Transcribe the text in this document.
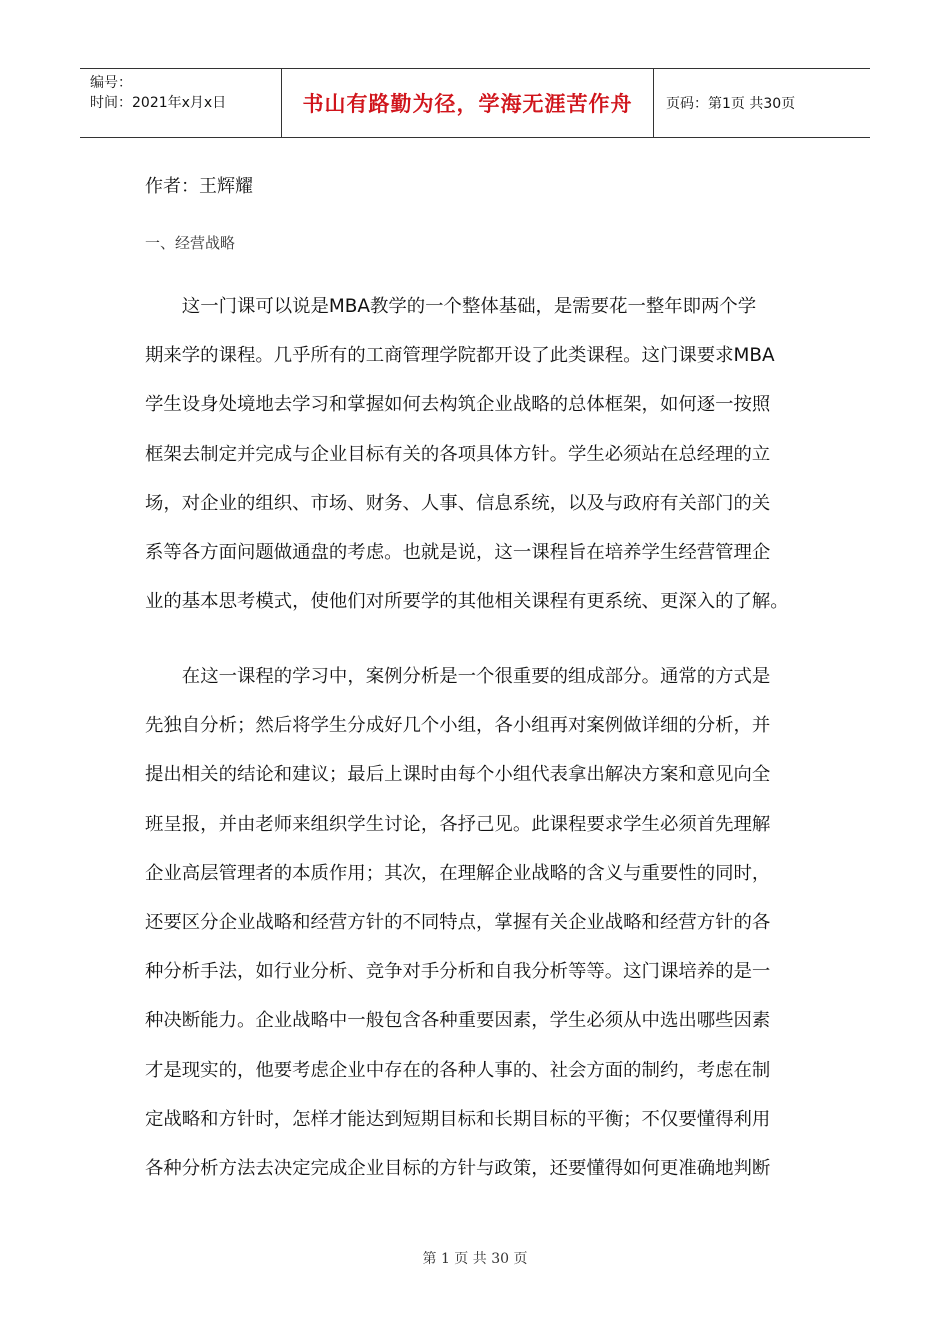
编号：
时间：2021年x月x日	书山有路勤为径，学海无涯苦作舟 页码：第1页 共30页
作者：王辉耀
一、经营战略

这一门课可以说是MBA教学的一个整体基础，是需要花一整年即两个学
期来学的课程。几乎所有的工商管理学院都开设了此类课程。这门课要求MBA
学生设身处境地去学习和掌握如何去构筑企业战略的总体框架，如何逐一按照
框架去制定并完成与企业目标有关的各项具体方针。学生必须站在总经理的立
场，对企业的组织、市场、财务、人事、信息系统，以及与政府有关部门的关
系等各方面问题做通盘的考虑。也就是说，这一课程旨在培养学生经营管理企
业的基本思考模式，使他们对所要学的其他相关课程有更系统、更深入的了解。

在这一课程的学习中，案例分析是一个很重要的组成部分。通常的方式是
先独自分析；然后将学生分成好几个小组，各小组再对案例做详细的分析，并
提出相关的结论和建议；最后上课时由每个小组代表拿出解决方案和意见向全
班呈报，并由老师来组织学生讨论，各抒己见。此课程要求学生必须首先理解
企业高层管理者的本质作用；其次，在理解企业战略的含义与重要性的同时，
还要区分企业战略和经营方针的不同特点，掌握有关企业战略和经营方针的各
种分析手法，如行业分析、竞争对手分析和自我分析等等。这门课培养的是一
种决断能力。企业战略中一般包含各种重要因素，学生必须从中选出哪些因素
才是现实的，他要考虑企业中存在的各种人事的、社会方面的制约，考虑在制
定战略和方针时，怎样才能达到短期目标和长期目标的平衡；不仅要懂得利用
各种分析方法去决定完成企业目标的方针与政策，还要懂得如何更准确地判断

第 1 页 共 30 页
